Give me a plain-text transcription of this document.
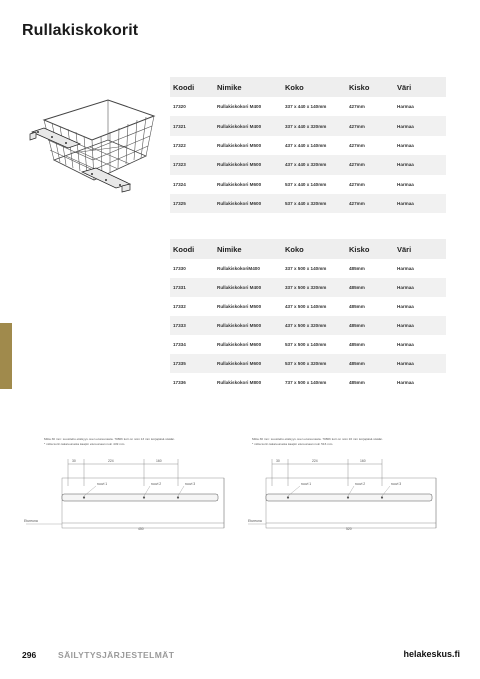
Rullakiskokorit
Koodi	Nimike	Koko	Kisko	Väri
17320	Rullakiskokori M400	337 x 440 x 140mm	427mm	Harmaa
17321	Rullakiskokori M400	337 x 440 x 320mm	427mm	Harmaa
17322	Rullakiskokori M500	437 x 440 x 140mm	427mm	Harmaa
17323	Rullakiskokori M500	437 x 440 x 320mm	427mm	Harmaa
17324	Rullakiskokori M600	537 x 440 x 140mm	427mm	Harmaa
17325	Rullakiskokori M600	537 x 440 x 320mm	427mm	Harmaa
Koodi	Nimike	Koko	Kisko	Väri
17330	RullakiskokoriM400	337 x 500 x 140mm	485mm	Harmaa
17331	Rullakiskokori M400	337 x 500 x 320mm	485mm	Harmaa
17332	Rullakiskokori M500	437 x 500 x 140mm	485mm	Harmaa
17333	Rullakiskokori M500	437 x 500 x 320mm	485mm	Harmaa
17334	Rullakiskokori M600	537 x 500 x 140mm	485mm	Harmaa
17335	Rullakiskokori M600	537 x 500 x 320mm	485mm	Harmaa
17336	Rullakiskokori M800	737 x 500 x 140mm	485mm	Harmaa
Mitta 30 mm: suositeltu etäisyys oven etureunasta. 7080h kori on noin 13 mm korjapäsä sisään.
* mitta korin takareunasta kaapin etureunaan noin 449 mm.
30	224	160
ruuvi 1	ruuvi 2	ruuvi 3
Etureuna
450
Mitta 30 mm: suositeltu etäisyys oven etureunasta. 7080h kori on noin 16 mm korjapäsä sisään.
* mitta korin takareunasta kaapin etureunaan noin 516 mm.
30	224	160
ruuvi 1	ruuvi 2	ruuvi 3
Etureuna
520
296	SÄILYTYSJÄRJESTELMÄT	helakeskus.fi
